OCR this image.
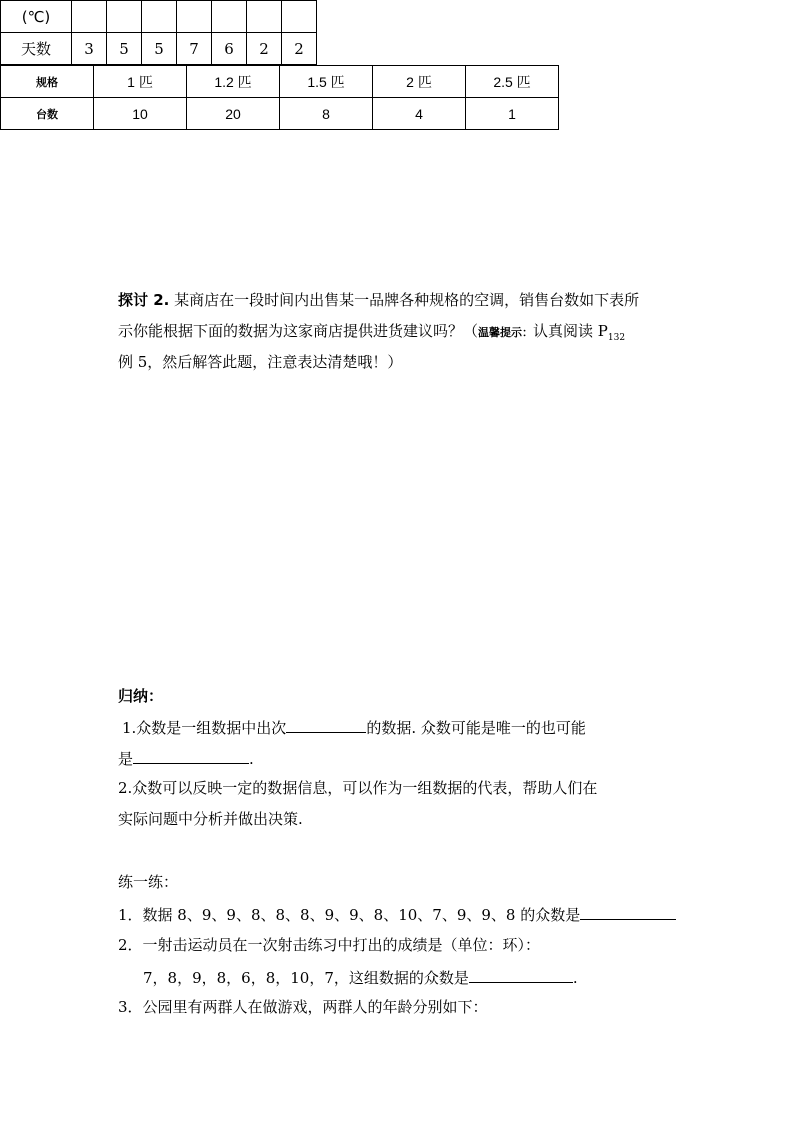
(℃)							
天数	3	5	5	7	6	2	2
探讨 2. 某商店在一段时间内出售某一品牌各种规格的空调，销售台数如下表所
示你能根据下面的数据为这家商店提供进货建议吗？（温馨提示：认真阅读 $P_{132}$
例 5，然后解答此题，注意表达清楚哦！）
规格	1 匹	1.2 匹	1.5 匹	2 匹	2.5 匹
台数	10	20	8	4	1
归纳：
1.众数是一组数据中出次	的数据. 众数可能是唯一的也可能
是	.
2.众数可以反映一定的数据信息，可以作为一组数据的代表，帮助人们在
实际问题中分析并做出决策.
练一练：
1．数据 8、9、9、8、8、8、9、9、8、10、7、9、9、8 的众数是
2．一射击运动员在一次射击练习中打出的成绩是（单位：环）：
7，8，9，8，6，8，10，7，这组数据的众数是	.
3．公园里有两群人在做游戏，两群人的年龄分别如下：
